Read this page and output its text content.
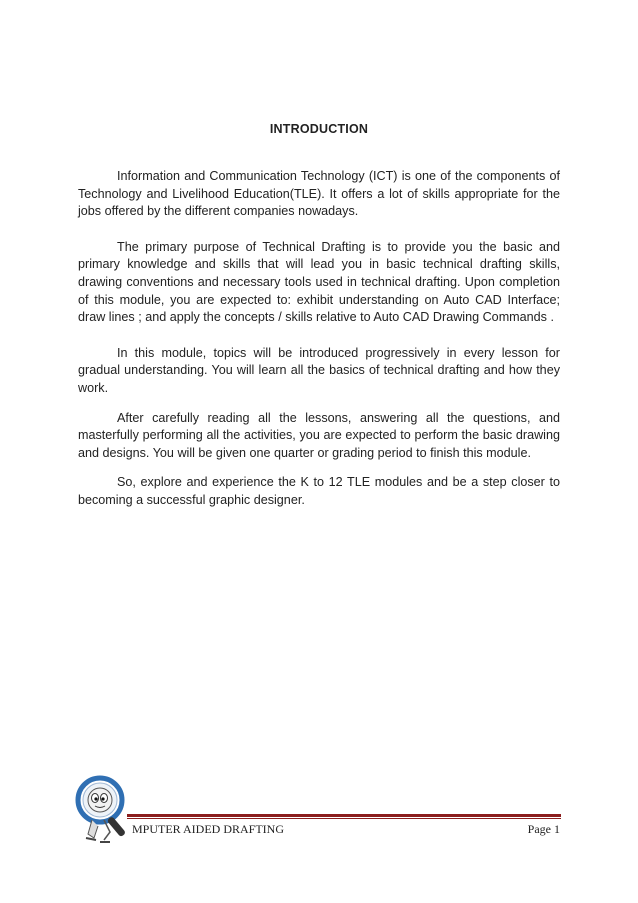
INTRODUCTION

Information and Communication Technology (ICT) is one of the components of Technology and Livelihood Education(TLE). It offers a lot of skills appropriate for the jobs offered by the different companies nowadays.

The primary purpose of Technical Drafting is to provide you the basic and primary knowledge and skills that will lead you in basic technical drafting skills, drawing conventions and necessary tools used in technical drafting. Upon completion of this module, you are expected to: exhibit understanding on Auto CAD Interface; draw lines ; and apply the concepts / skills relative to Auto CAD Drawing Commands .

In this module, topics will be introduced progressively in every lesson for gradual understanding. You will learn all the basics of technical drafting and how they work.

After carefully reading all the lessons, answering all the questions, and masterfully performing all the activities, you are expected to perform the basic drawing and designs. You will be given one quarter or grading period to finish this module.

So, explore and experience the K to 12 TLE modules and be a step closer to becoming a successful graphic designer.

MPUTER AIDED DRAFTING	Page 1
